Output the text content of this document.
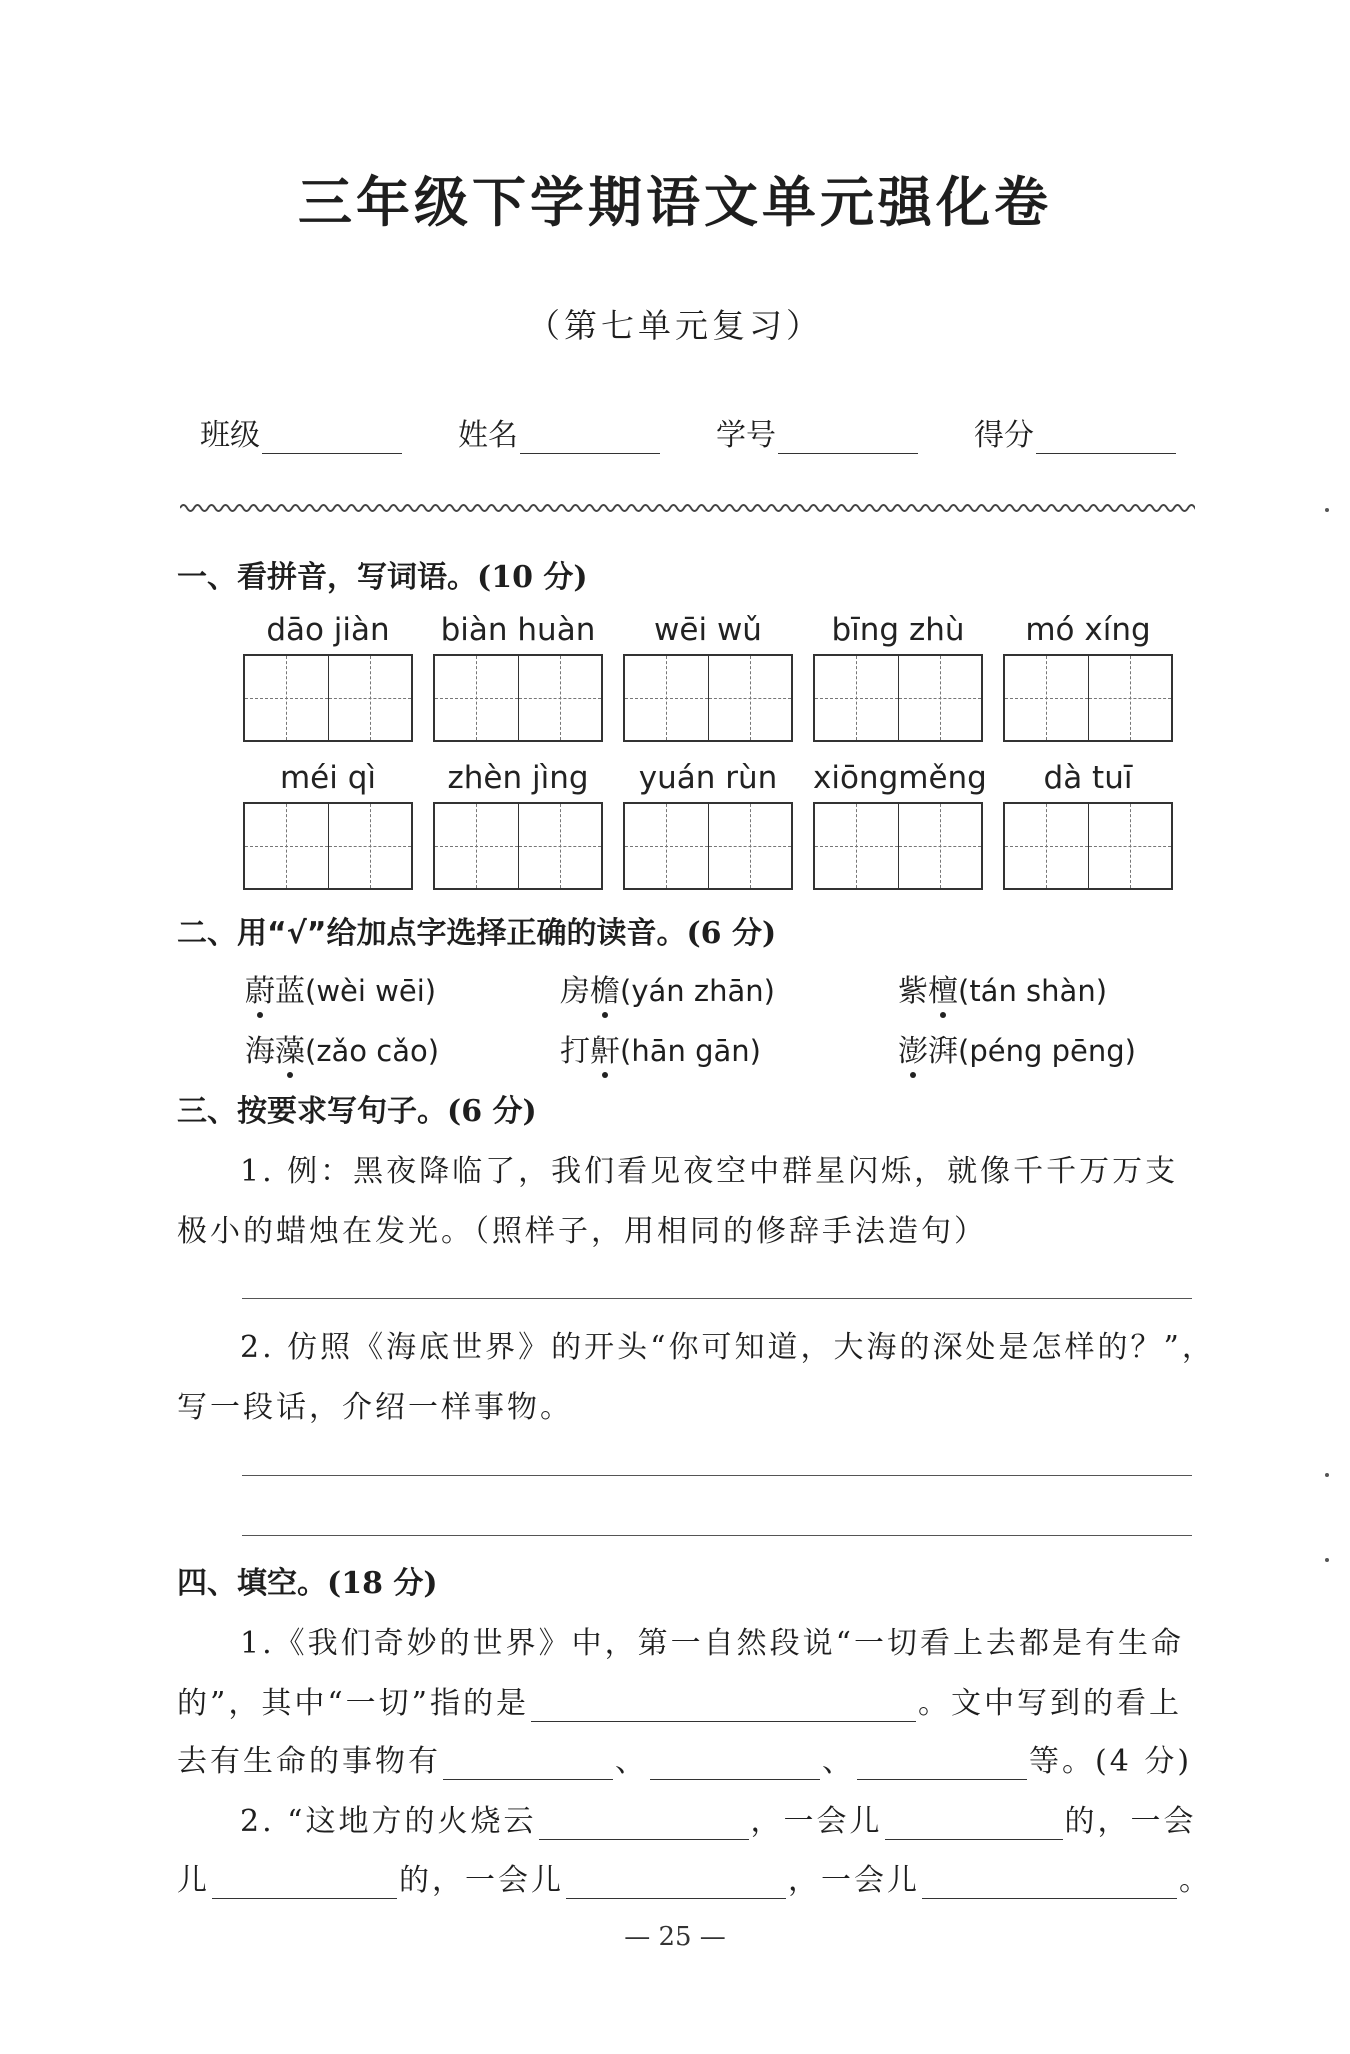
三年级下学期语文单元强化卷
（第七单元复习）
班级	姓名	学号	得分
一、看拼音，写词语。(10 分)
dāo jiàn	biàn huàn	wēi wǔ	bīng zhù	mó xíng
méi qì	zhèn jìng	yuán rùn	xiōngměng	dà tuī
二、用“√”给加点字选择正确的读音。(6 分)
蔚蓝(wèi wēi)	房檐(yán zhān)	紫檀(tán shàn)
海藻(zǎo cǎo)	打鼾(hān gān)	澎湃(péng pēng)
三、按要求写句子。(6 分)
1. 例：黑夜降临了，我们看见夜空中群星闪烁，就像千千万万支
极小的蜡烛在发光。（照样子，用相同的修辞手法造句）
2. 仿照《海底世界》的开头“你可知道，大海的深处是怎样的？”，
写一段话，介绍一样事物。
四、填空。(18 分)
1.《我们奇妙的世界》中，第一自然段说“一切看上去都是有生命
的”，其中“一切”指的是	。文中写到的看上
去有生命的事物有	、	、	等。(4 分)
2. “这地方的火烧云	，一会儿	的，一会
儿	的，一会儿	，一会儿	。
— 25 —
